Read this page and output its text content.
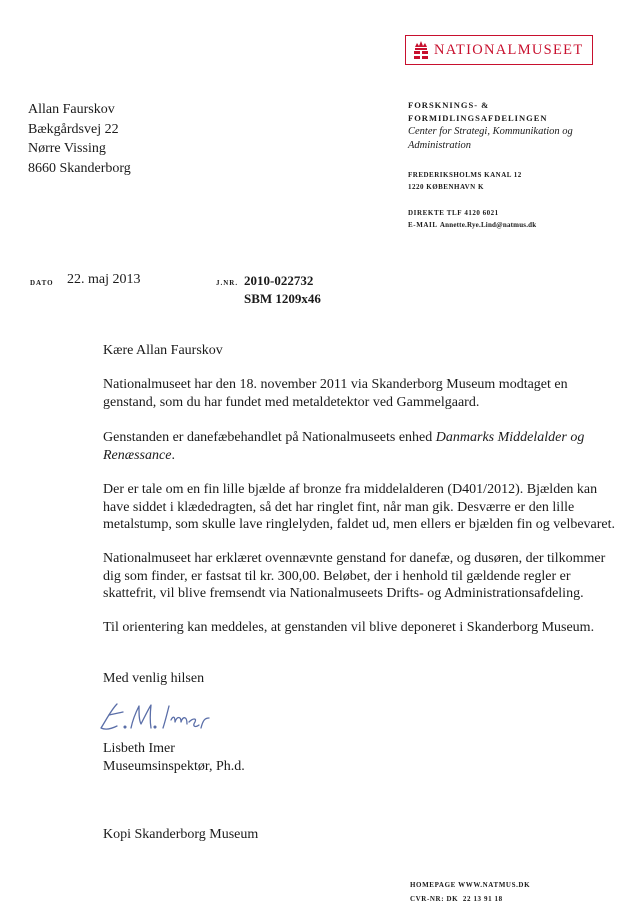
NATIONALMUSEET
Allan Faurskov
Bækgårdsvej 22
Nørre Vissing
8660 Skanderborg
FORSKNINGS- &
FORMIDLINGSAFDELINGEN
Center for Strategi, Kommunikation og
Administration
FREDERIKSHOLMS KANAL 12
1220 KØBENHAVN K
DIREKTE TLF 4120 6021
E-MAIL Annette.Rye.Lind@natmus.dk
DATO 22. maj 2013	J.NR. 2010-022732
SBM 1209x46
Kære Allan Faurskov

Nationalmuseet har den 18. november 2011 via Skanderborg Museum modtaget en genstand, som du har fundet med metaldetektor ved Gammelgaard.

Genstanden er danefæbehandlet på Nationalmuseets enhed Danmarks Middelalder og Renæssance.

Der er tale om en fin lille bjælde af bronze fra middelalderen (D401/2012). Bjælden kan have siddet i klædedragten, så det har ringlet fint, når man gik. Desværre er den lille metalstump, som skulle lave ringlelyden, faldet ud, men ellers er bjælden fin og velbevaret.

Nationalmuseet har erklæret ovennævnte genstand for danefæ, og dusøren, der tilkommer dig som finder, er fastsat til kr. 300,00. Beløbet, der i henhold til gældende regler er skattefrit, vil blive fremsendt via Nationalmuseets Drifts- og Administrationsafdeling.

Til orientering kan meddeles, at genstanden vil blive deponeret i Skanderborg Museum.

Med venlig hilsen
Lisbeth Imer
Museumsinspektør, Ph.d.
Kopi Skanderborg Museum
HOMEPAGE WWW.NATMUS.DK
CVR-NR: DK  22 13 91 18
